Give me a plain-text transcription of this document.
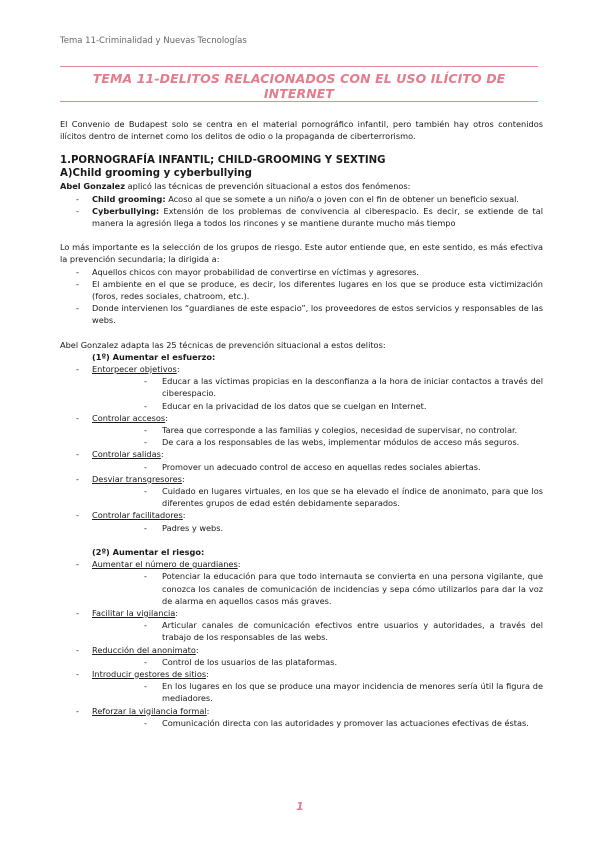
Tema 11-Criminalidad y Nuevas Tecnologías
TEMA 11-DELITOS RELACIONADOS CON EL USO ILÍCITO DE INTERNET

El Convenio de Budapest solo se centra en el material pornográfico infantil, pero también hay otros contenidos ilícitos dentro de internet como los delitos de odio o la propaganda de ciberterrorismo.

1.PORNOGRAFÍA INFANTIL; CHILD-GROOMING Y SEXTING
A)Child grooming y cyberbullying

Abel Gonzalez aplicó las técnicas de prevención situacional a estos dos fenómenos:

- Child grooming: Acoso al que se somete a un niño/a o joven con el fin de obtener un beneficio sexual.
- Cyberbullying: Extensión de los problemas de convivencia al ciberespacio. Es decir, se extiende de tal manera la agresión llega a todos los rincones y se mantiene durante mucho más tiempo

Lo más importante es la selección de los grupos de riesgo. Este autor entiende que, en este sentido, es más efectiva la prevención secundaria; la dirigida a:

- Aquellos chicos con mayor probabilidad de convertirse en víctimas y agresores.
- El ambiente en el que se produce, es decir, los diferentes lugares en los que se produce esta victimización (foros, redes sociales, chatroom, etc.).
- Donde intervienen los “guardianes de este espacio”, los proveedores de estos servicios y responsables de las webs.

Abel Gonzalez adapta las 25 técnicas de prevención situacional a estos delitos:

(1º) Aumentar el esfuerzo:
- Entorpecer objetivos:
- Educar a las víctimas propicias en la desconfianza a la hora de iniciar contactos a través del ciberespacio.
- Educar en la privacidad de los datos que se cuelgan en Internet.
- Controlar accesos:
- Tarea que corresponde a las familias y colegios, necesidad de supervisar, no controlar.
- De cara a los responsables de las webs, implementar módulos de acceso más seguros.
- Controlar salidas:
- Promover un adecuado control de acceso en aquellas redes sociales abiertas.
- Desviar transgresores:
- Cuidado en lugares virtuales, en los que se ha elevado el índice de anonimato, para que los diferentes grupos de edad estén debidamente separados.
- Controlar facilitadores:
- Padres y webs.
(2º) Aumentar el riesgo:
- Aumentar el número de guardianes:
- Potenciar la educación para que todo internauta se convierta en una persona vigilante, que conozca los canales de comunicación de incidencias y sepa cómo utilizarlos para dar la voz de alarma en aquellos casos más graves.
- Facilitar la vigilancia:
- Articular canales de comunicación efectivos entre usuarios y autoridades, a través del trabajo de los responsables de las webs.
- Reducción del anonimato:
- Control de los usuarios de las plataformas.
- Introducir gestores de sitios:
- En los lugares en los que se produce una mayor incidencia de menores sería útil la figura de mediadores.
- Reforzar la vigilancia formal:
- Comunicación directa con las autoridades y promover las actuaciones efectivas de éstas.
1
